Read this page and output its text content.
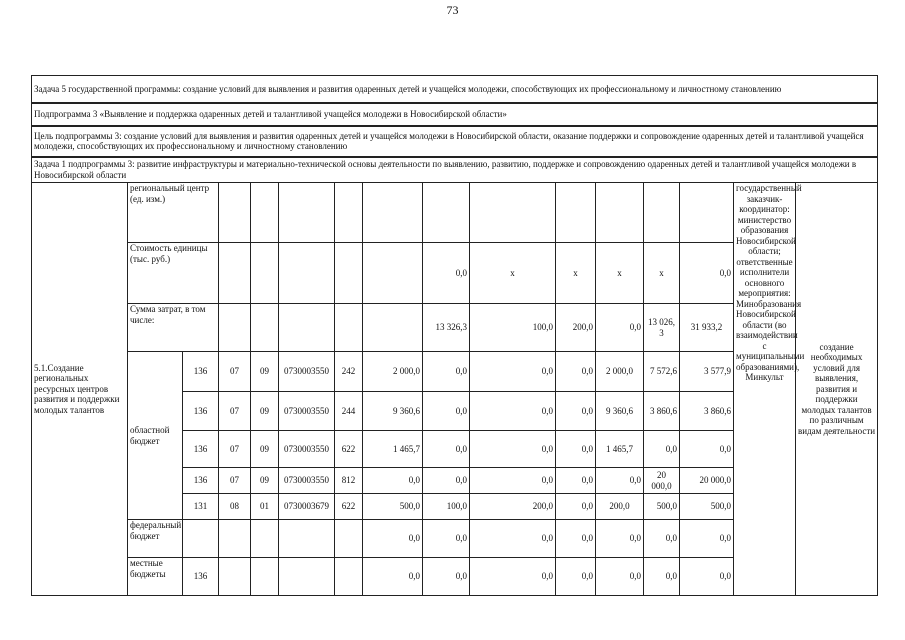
73
Задача 5 государственной программы: создание условий для выявления и развития одаренных детей и учащейся молодежи, способствующих их профессиональному и личностному становлению																
Подпрограмма 3 «Выявление и поддержка одаренных детей и талантливой учащейся молодежи в Новосибирской области»																
Цель подпрограммы 3: создание условий для выявления и развития одаренных детей и учащейся молодежи в Новосибирской области, оказание поддержки и сопровождение одаренных детей и талантливой учащейся молодежи, способствующих их профессиональному и личностному становлению																
Задача 1 подпрограммы 3: развитие инфраструктуры и материально-технической основы деятельности по выявлению, развитию, поддержке и сопровождению одаренных детей и талантливой учащейся молодежи в Новосибирской области																
5.1.Создание региональных ресурсных центров развития и поддержки молодых талантов	региональный центр (ед. изм.)													государственный заказчик-координатор: министерство образования Новосибирской области; ответственные исполнители основного мероприятия: Минобразования Новосибирской области (во взаимодействии с муниципальными образованиями), Минкульт	создание необходимых условий для выявления, развития и поддержки молодых талантов по различным видам деятельности	
	Стоимость единицы (тыс. руб.)							0,0	x	x	x	x	0,0	
	Сумма затрат, в том числе:							13 326,3	100,0	200,0	0,0	13 026,3	31 933,2	
	областной бюджет	136	07	09	0730003550	242	2 000,0	0,0	0,0	0,0	2 000,0	7 572,6	3 577,9			
		136	07	09	0730003550	244	9 360,6	0,0	0,0	0,0	9 360,6	3 860,6	3 860,6			
		136	07	09	0730003550	622	1 465,7	0,0	0,0	0,0	1 465,7	0,0	0,0			
		136	07	09	0730003550	812	0,0	0,0	0,0	0,0	0,0	20 000,0	20 000,0			
		131	08	01	0730003679	622	500,0	100,0	200,0	0,0	200,0	500,0	500,0			
	федеральный бюджет						0,0	0,0	0,0	0,0	0,0	0,0	0,0			
	местные бюджеты	136					0,0	0,0	0,0	0,0	0,0	0,0	0,0			
